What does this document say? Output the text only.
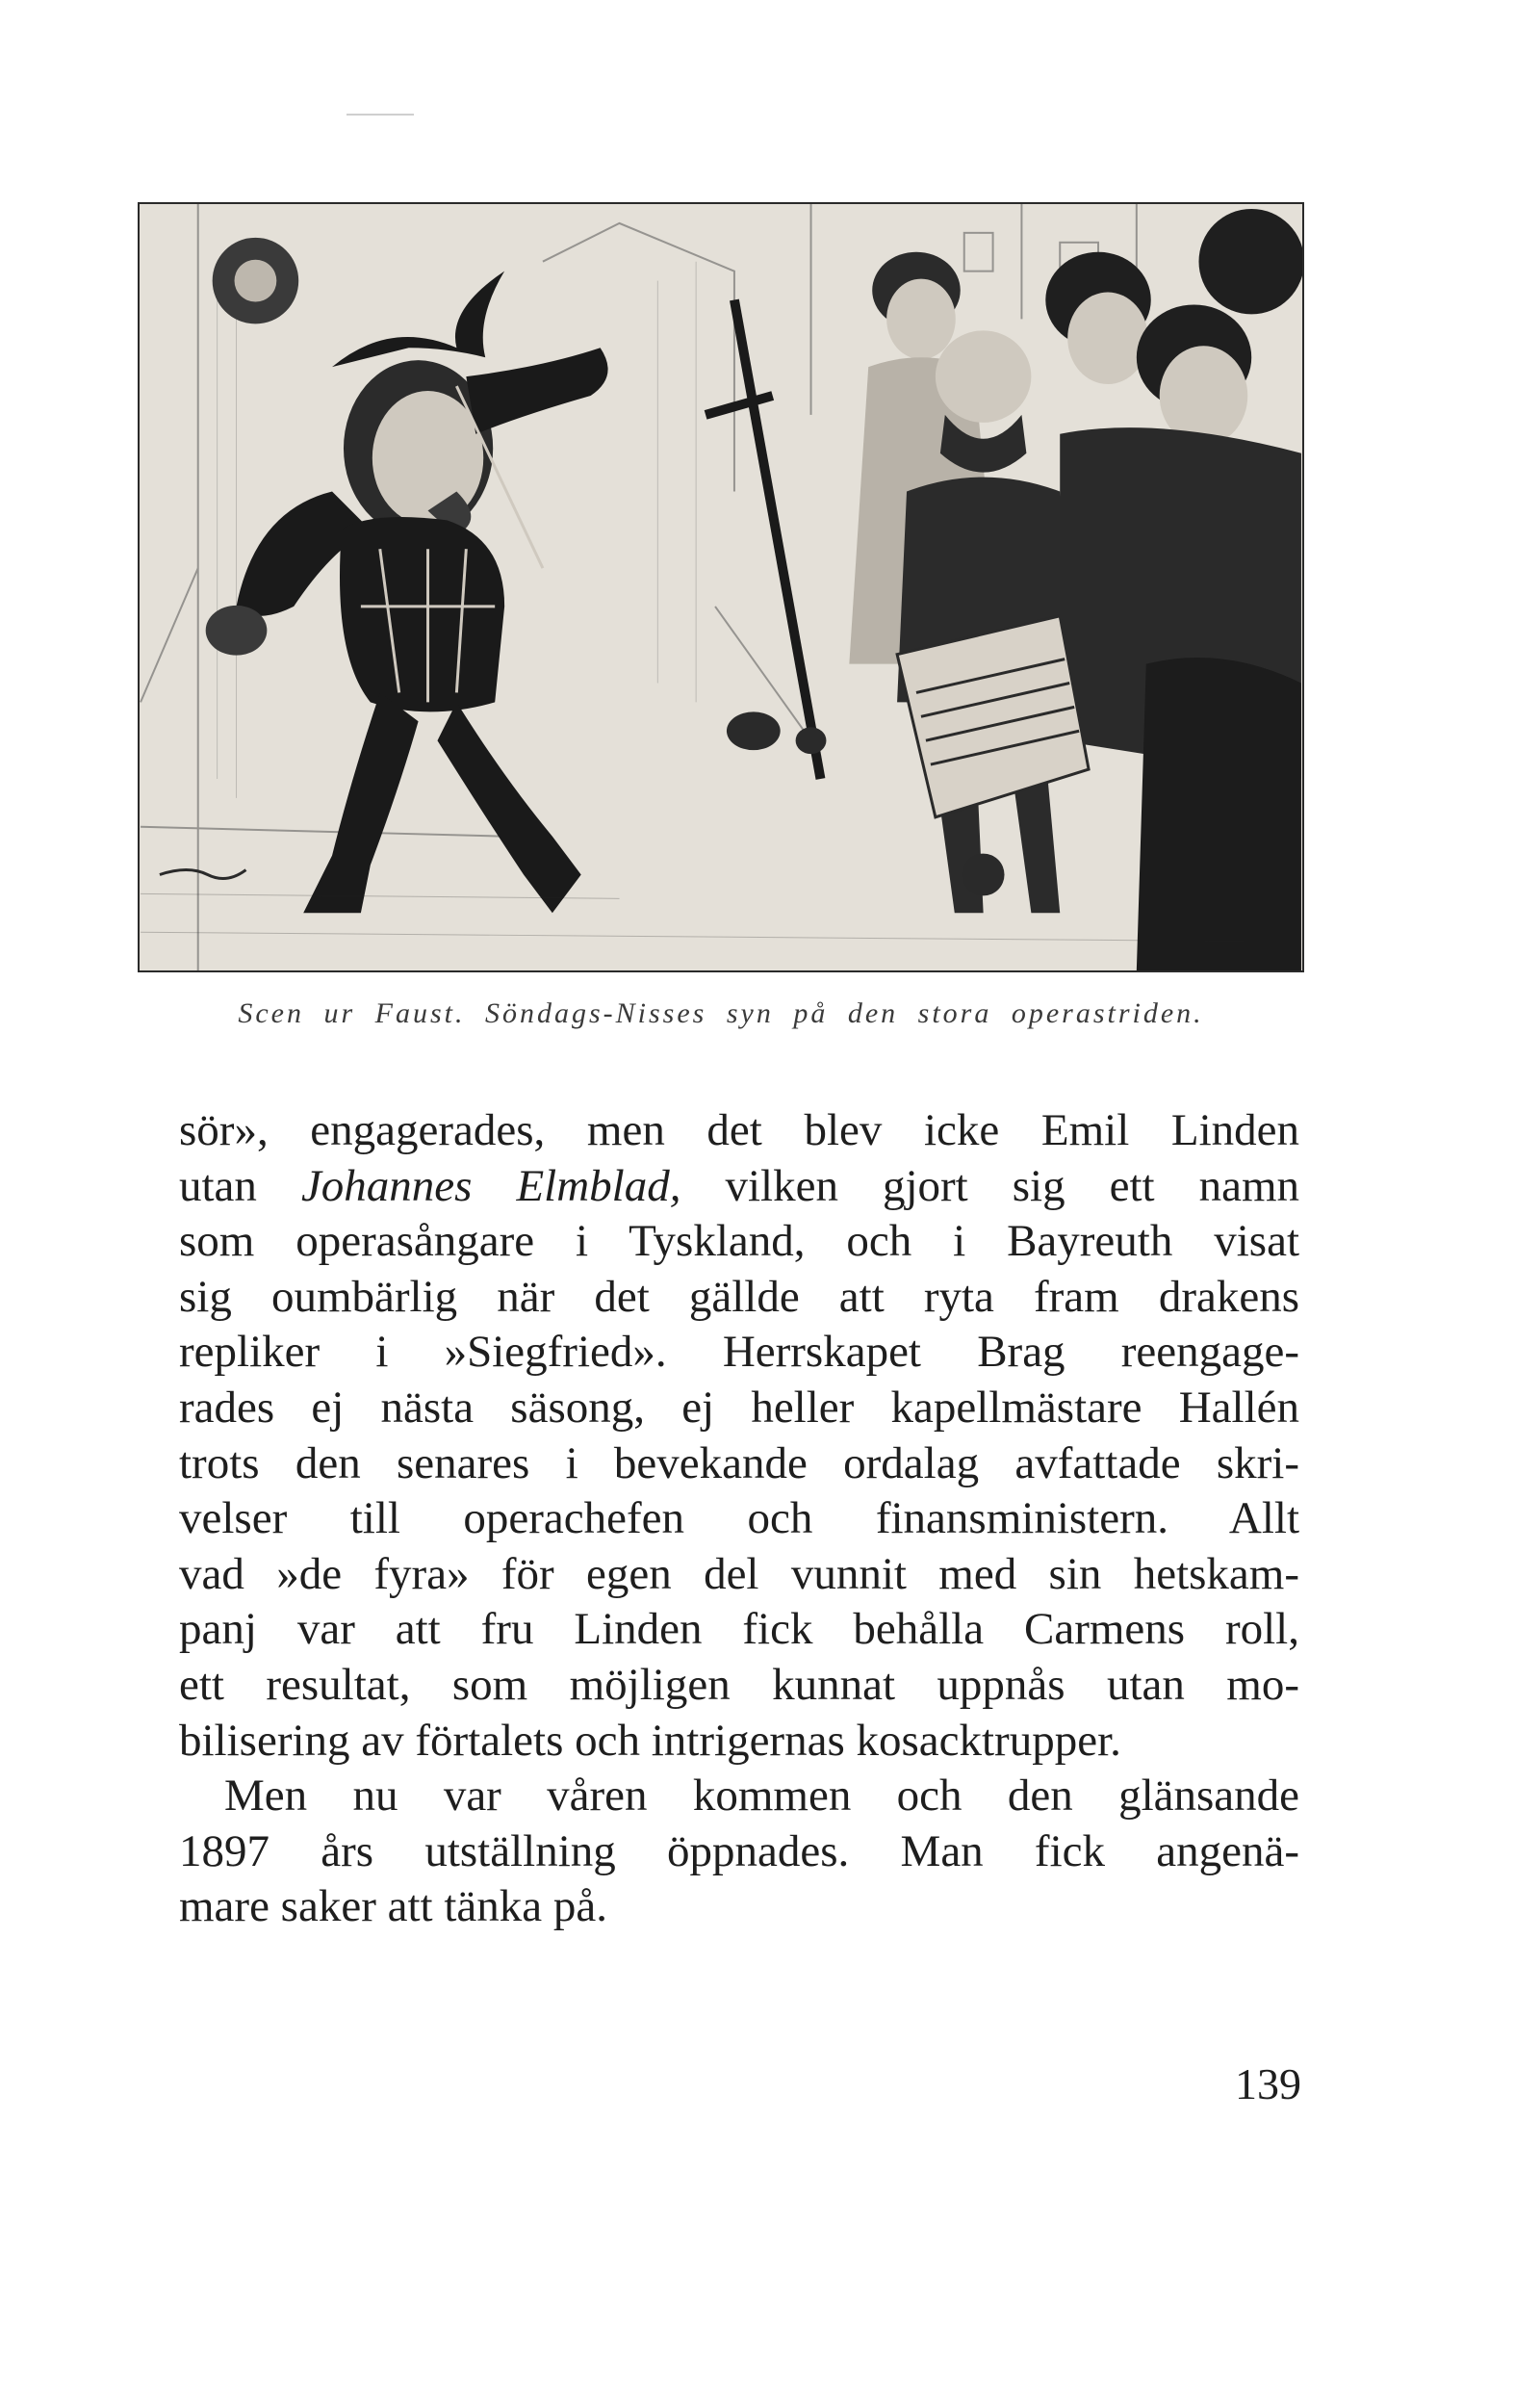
Scen ur Faust. Söndags-Nisses syn på den stora operastriden.
sör», engagerades, men det blev icke Emil Linden
utan Johannes Elmblad, vilken gjort sig ett namn
som operasångare i Tyskland, och i Bayreuth visat
sig oumbärlig när det gällde att ryta fram drakens
repliker i »Siegfried». Herrskapet Brag reengage-
rades ej nästa säsong, ej heller kapellmästare Hallén
trots den senares i bevekande ordalag avfattade skri-
velser till operachefen och finansministern. Allt
vad »de fyra» för egen del vunnit med sin hetskam-
panj var att fru Linden fick behålla Carmens roll,
ett resultat, som möjligen kunnat uppnås utan mo-
bilisering av förtalets och intrigernas kosacktrupper.
Men nu var våren kommen och den glänsande
1897 års utställning öppnades. Man fick angenä-
mare saker att tänka på.
139
